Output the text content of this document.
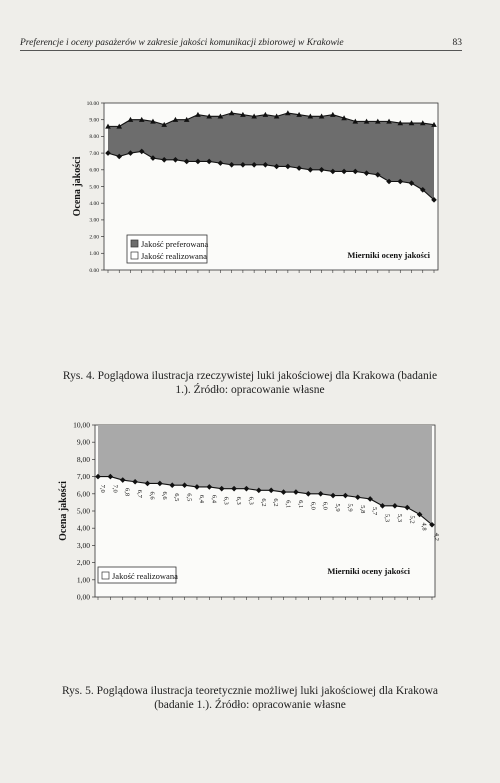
Preferencje i oceny pasażerów w zakresie jakości komunikacji zbiorowej w Krakowie	83
0.00
1.00
2.00
3.00
4.00
5.00
6.00
7.00
8.00
9.00
10.00
Ocena jakości
Mierniki oceny jakości
Jakość preferowana
Jakość realizowana
Rys. 4. Poglądowa ilustracja rzeczywistej luki jakościowej dla Krakowa (badanie 1.). Źródło: opracowanie własne
0,00
1,00
2,00
3,00
4,00
5,00
6,00
7,00
8,00
9,00
10,00
Ocena jakości
Mierniki oceny jakości
7,0 7,0 6,8 6,7 6,6 6,6 6,5 6,5 6,4 6,4 6,3 6,3 6,3 6,2 6,2 6,1 6,1 6,0 6,0 5,9 5,9 5,8 5,7
5,3 5,3 5,2
4,8
4,2
Jakość realizowana
Rys. 5. Poglądowa ilustracja teoretycznie możliwej luki jakościowej dla Krakowa (badanie 1.). Źródło: opracowanie własne
